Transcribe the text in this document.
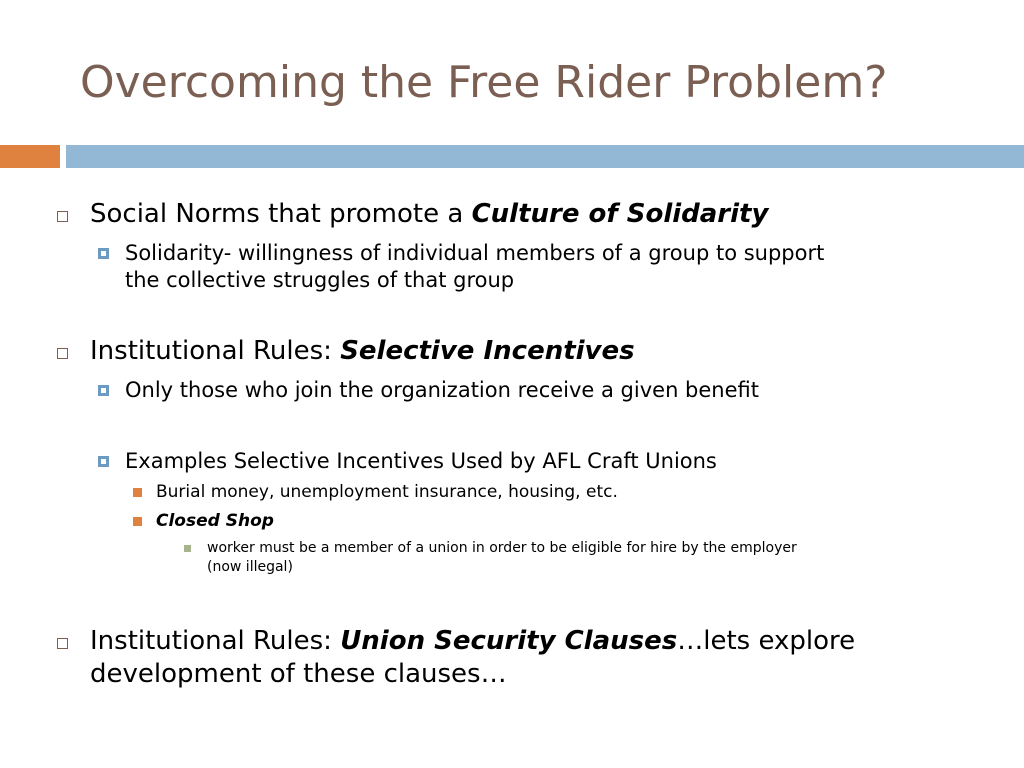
Overcoming the Free Rider Problem?
Social Norms that promote a Culture of Solidarity
Solidarity- willingness of individual members of a group to support
the collective struggles of that group
Institutional Rules: Selective Incentives
Only those who join the organization receive a given benefit
Examples Selective Incentives Used by AFL Craft Unions
Burial money, unemployment insurance, housing, etc.
Closed Shop
worker must be a member of a union in order to be eligible for hire by the employer
(now illegal)
Institutional Rules: Union Security Clauses…lets explore
development of these clauses…
